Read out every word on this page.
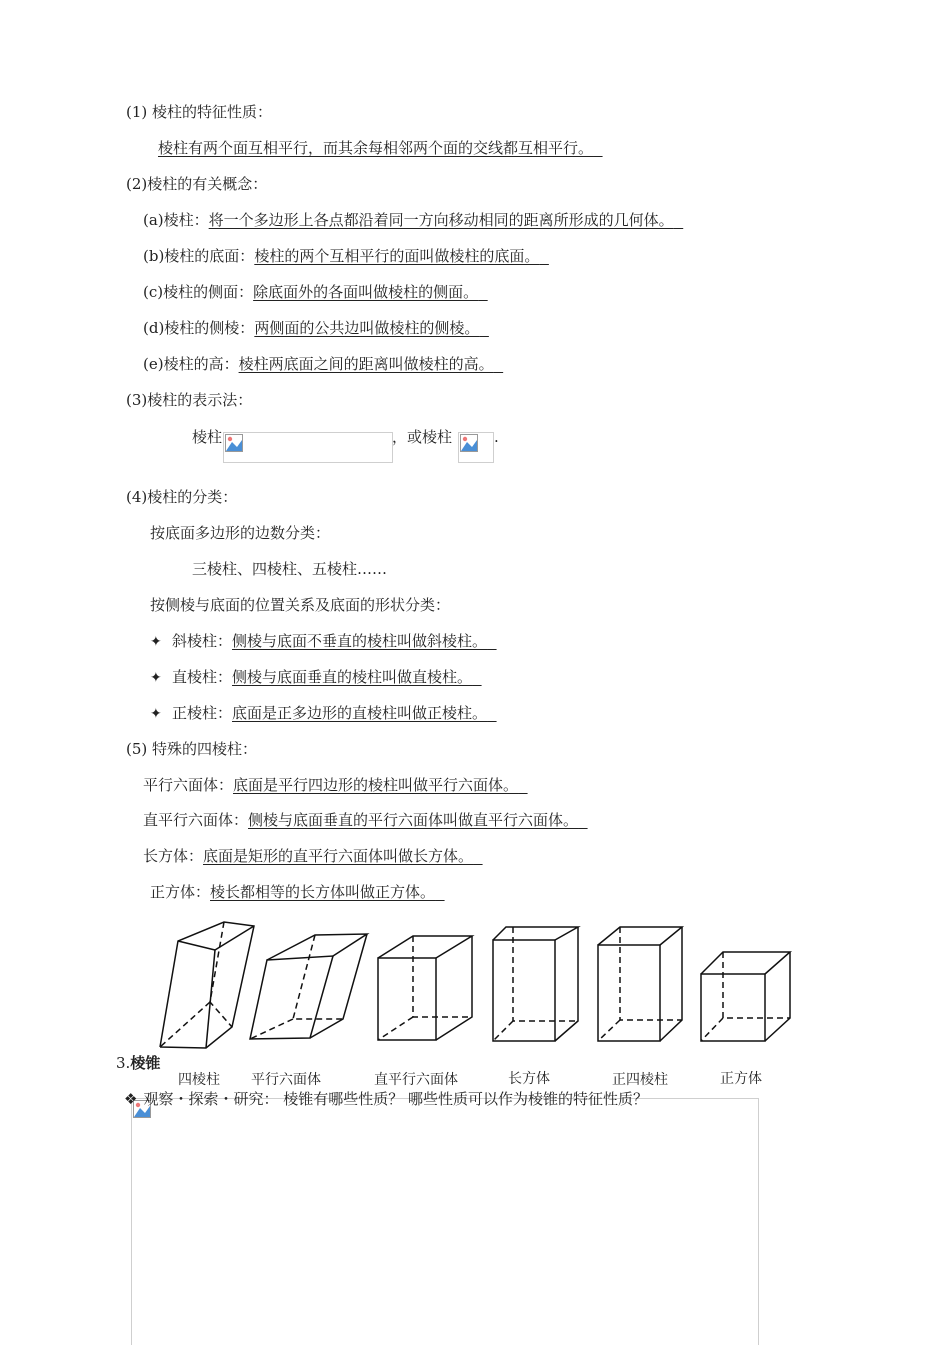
(1) 棱柱的特征性质：
棱柱有两个面互相平行，而其余每相邻两个面的交线都互相平行。
(2)棱柱的有关概念：
(a)棱柱：将一个多边形上各点都沿着同一方向移动相同的距离所形成的几何体。
(b)棱柱的底面：棱柱的两个互相平行的面叫做棱柱的底面。
(c)棱柱的侧面：除底面外的各面叫做棱柱的侧面。
(d)棱柱的侧棱：两侧面的公共边叫做棱柱的侧棱。
(e)棱柱的高：棱柱两底面之间的距离叫做棱柱的高。
(3)棱柱的表示法：
棱柱	，或棱柱	.
(4)棱柱的分类：
按底面多边形的边数分类：
三棱柱、四棱柱、五棱柱……
按侧棱与底面的位置关系及底面的形状分类：
✦ 斜棱柱：侧棱与底面不垂直的棱柱叫做斜棱柱。
✦ 直棱柱：侧棱与底面垂直的棱柱叫做直棱柱。
✦ 正棱柱：底面是正多边形的直棱柱叫做正棱柱。
(5) 特殊的四棱柱：
平行六面体：底面是平行四边形的棱柱叫做平行六面体。
直平行六面体：侧棱与底面垂直的平行六面体叫做直平行六面体。
长方体：底面是矩形的直平行六面体叫做长方体。
正方体：棱长都相等的长方体叫做正方体。
四棱柱 平行六面体	直平行六面体	长方体	正四棱柱	正方体
3.棱锥
❖ 观察・探索・研究： 棱锥有哪些性质？ 哪些性质可以作为棱锥的特征性质？
